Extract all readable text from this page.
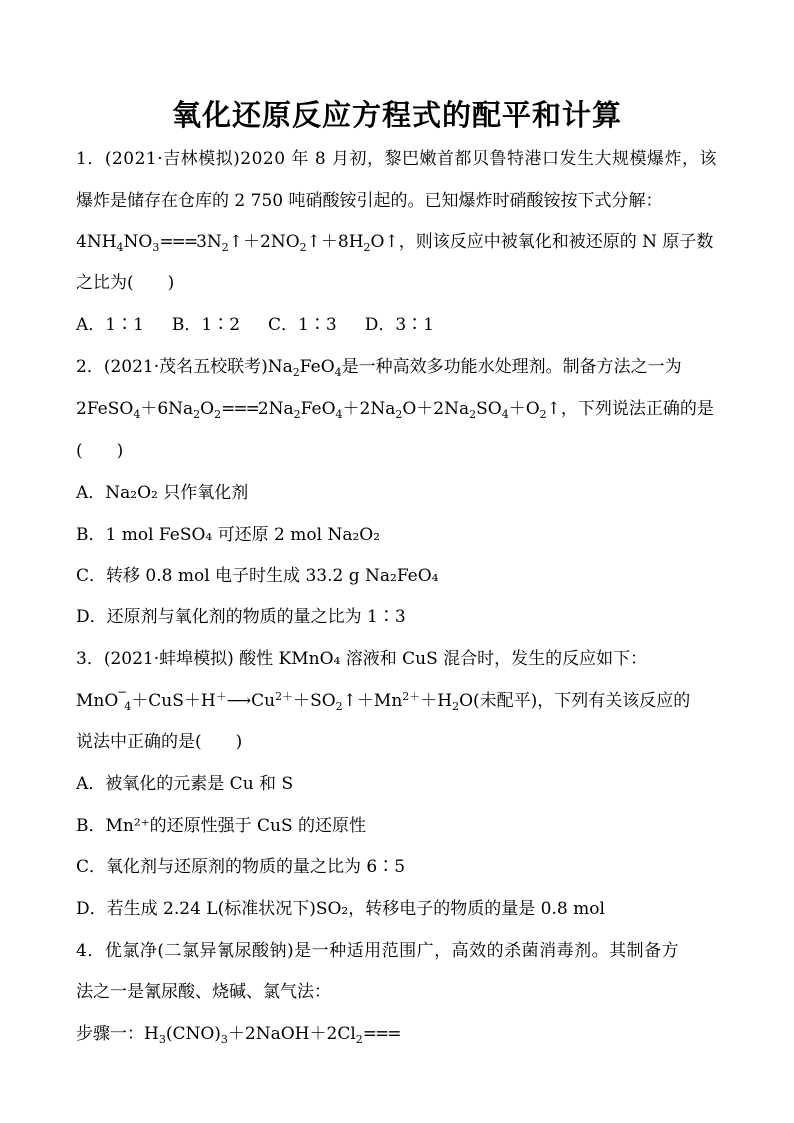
氧化还原反应方程式的配平和计算
1．(2021·吉林模拟)2020 年 8 月初，黎巴嫩首都贝鲁特港口发生大规模爆炸，该
爆炸是储存在仓库的 2 750 吨硝酸铵引起的。已知爆炸时硝酸铵按下式分解：
$4NH_4NO_3===3N_2↑+2NO_2↑+8H_2O↑$，则该反应中被氧化和被还原的 N 原子数
之比为(　　)
A．1∶1 B．1∶2 C．1∶3 D．3∶1
2．(2021·茂名五校联考)$Na_2FeO_4$是一种高效多功能水处理剂。制备方法之一为
$2FeSO_4+6Na_2O_2===2Na_2FeO_4+2Na_2O+2Na_2SO_4+O_2↑$，下列说法正确的是
(　　)
A．Na₂O₂ 只作氧化剂
B．1 mol FeSO₄ 可还原 2 mol Na₂O₂
C．转移 0.8 mol 电子时生成 33.2 g Na₂FeO₄
D．还原剂与氧化剂的物质的量之比为 1∶3
3．(2021·蚌埠模拟) 酸性 KMnO₄ 溶液和 CuS 混合时，发生的反应如下：
MnO
−
$4+CuS+H^+⟶Cu^{2+}+SO_2↑+Mn^{2+}+H_2O$(未配平)，下列有关该反应的
说法中正确的是(　　)
A．被氧化的元素是 Cu 和 S
B．Mn²⁺的还原性强于 CuS 的还原性
C．氧化剂与还原剂的物质的量之比为 6∶5
D．若生成 2.24 L(标准状况下)SO₂，转移电子的物质的量是 0.8 mol
4．优氯净(二氯异氰尿酸钠)是一种适用范围广，高效的杀菌消毒剂。其制备方
法之一是氰尿酸、烧碱、氯气法：
步骤一：$H_3(CNO)_3+2NaOH+2Cl_2===$
